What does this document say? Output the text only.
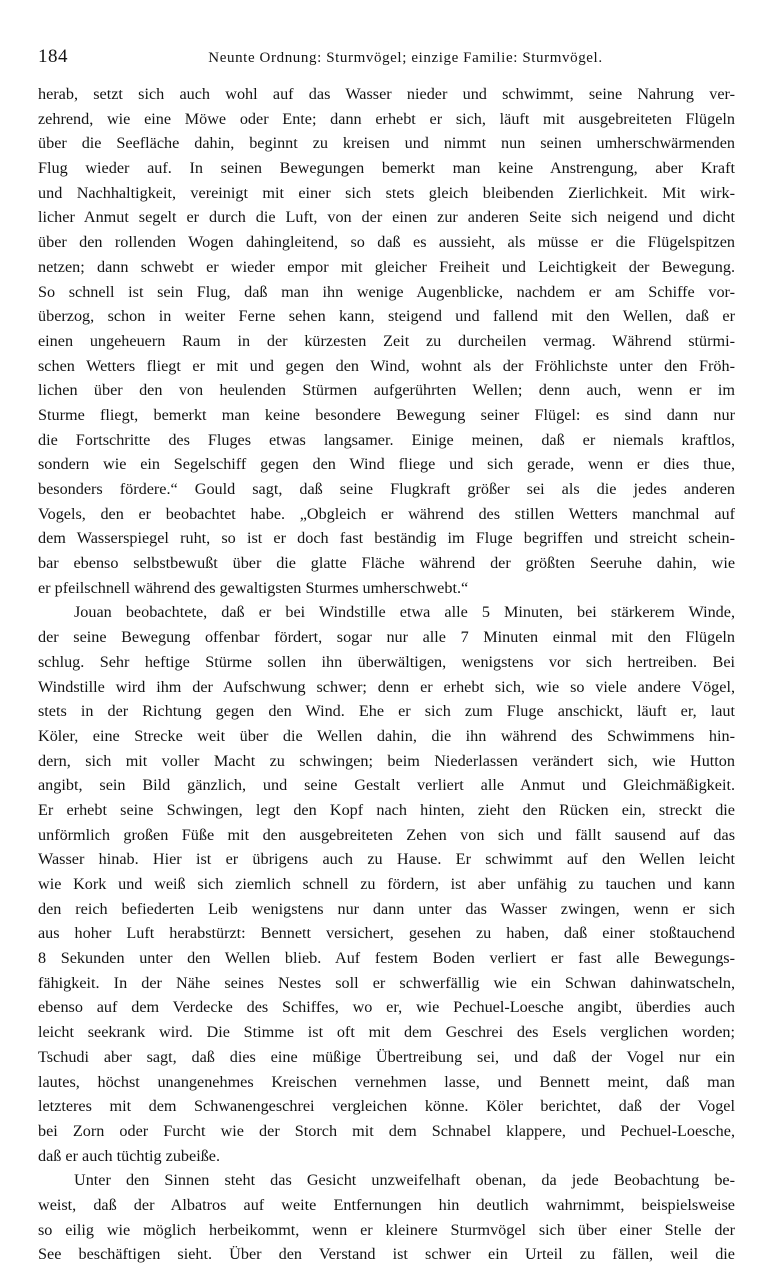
184	Neunte Ordnung: Sturmvögel; einzige Familie: Sturmvögel.
herab, setzt sich auch wohl auf das Wasser nieder und schwimmt, seine Nahrung ver-
zehrend, wie eine Möwe oder Ente; dann erhebt er sich, läuft mit ausgebreiteten Flügeln
über die Seefläche dahin, beginnt zu kreisen und nimmt nun seinen umherschwärmenden
Flug wieder auf. In seinen Bewegungen bemerkt man keine Anstrengung, aber Kraft
und Nachhaltigkeit, vereinigt mit einer sich stets gleich bleibenden Zierlichkeit. Mit wirk-
licher Anmut segelt er durch die Luft, von der einen zur anderen Seite sich neigend und dicht
über den rollenden Wogen dahingleitend, so daß es aussieht, als müsse er die Flügelspitzen
netzen; dann schwebt er wieder empor mit gleicher Freiheit und Leichtigkeit der Bewegung.
So schnell ist sein Flug, daß man ihn wenige Augenblicke, nachdem er am Schiffe vor-
überzog, schon in weiter Ferne sehen kann, steigend und fallend mit den Wellen, daß er
einen ungeheuern Raum in der kürzesten Zeit zu durcheilen vermag. Während stürmi-
schen Wetters fliegt er mit und gegen den Wind, wohnt als der Fröhlichste unter den Fröh-
lichen über den von heulenden Stürmen aufgerührten Wellen; denn auch, wenn er im
Sturme fliegt, bemerkt man keine besondere Bewegung seiner Flügel: es sind dann nur
die Fortschritte des Fluges etwas langsamer. Einige meinen, daß er niemals kraftlos,
sondern wie ein Segelschiff gegen den Wind fliege und sich gerade, wenn er dies thue,
besonders fördere.“ Gould sagt, daß seine Flugkraft größer sei als die jedes anderen
Vogels, den er beobachtet habe. „Obgleich er während des stillen Wetters manchmal auf
dem Wasserspiegel ruht, so ist er doch fast beständig im Fluge begriffen und streicht schein-
bar ebenso selbstbewußt über die glatte Fläche während der größten Seeruhe dahin, wie
er pfeilschnell während des gewaltigsten Sturmes umherschwebt.“
Jouan beobachtete, daß er bei Windstille etwa alle 5 Minuten, bei stärkerem Winde,
der seine Bewegung offenbar fördert, sogar nur alle 7 Minuten einmal mit den Flügeln
schlug. Sehr heftige Stürme sollen ihn überwältigen, wenigstens vor sich hertreiben. Bei
Windstille wird ihm der Aufschwung schwer; denn er erhebt sich, wie so viele andere Vögel,
stets in der Richtung gegen den Wind. Ehe er sich zum Fluge anschickt, läuft er, laut
Köler, eine Strecke weit über die Wellen dahin, die ihn während des Schwimmens hin-
dern, sich mit voller Macht zu schwingen; beim Niederlassen verändert sich, wie Hutton
angibt, sein Bild gänzlich, und seine Gestalt verliert alle Anmut und Gleichmäßigkeit.
Er erhebt seine Schwingen, legt den Kopf nach hinten, zieht den Rücken ein, streckt die
unförmlich großen Füße mit den ausgebreiteten Zehen von sich und fällt sausend auf das
Wasser hinab. Hier ist er übrigens auch zu Hause. Er schwimmt auf den Wellen leicht
wie Kork und weiß sich ziemlich schnell zu fördern, ist aber unfähig zu tauchen und kann
den reich befiederten Leib wenigstens nur dann unter das Wasser zwingen, wenn er sich
aus hoher Luft herabstürzt: Bennett versichert, gesehen zu haben, daß einer stoßtauchend
8 Sekunden unter den Wellen blieb. Auf festem Boden verliert er fast alle Bewegungs-
fähigkeit. In der Nähe seines Nestes soll er schwerfällig wie ein Schwan dahinwatscheln,
ebenso auf dem Verdecke des Schiffes, wo er, wie Pechuel-Loesche angibt, überdies auch
leicht seekrank wird. Die Stimme ist oft mit dem Geschrei des Esels verglichen worden;
Tschudi aber sagt, daß dies eine müßige Übertreibung sei, und daß der Vogel nur ein
lautes, höchst unangenehmes Kreischen vernehmen lasse, und Bennett meint, daß man
letzteres mit dem Schwanengeschrei vergleichen könne. Köler berichtet, daß der Vogel
bei Zorn oder Furcht wie der Storch mit dem Schnabel klappere, und Pechuel-Loesche,
daß er auch tüchtig zubeiße.
Unter den Sinnen steht das Gesicht unzweifelhaft obenan, da jede Beobachtung be-
weist, daß der Albatros auf weite Entfernungen hin deutlich wahrnimmt, beispielsweise
so eilig wie möglich herbeikommt, wenn er kleinere Sturmvögel sich über einer Stelle der
See beschäftigen sieht. Über den Verstand ist schwer ein Urteil zu fällen, weil die
